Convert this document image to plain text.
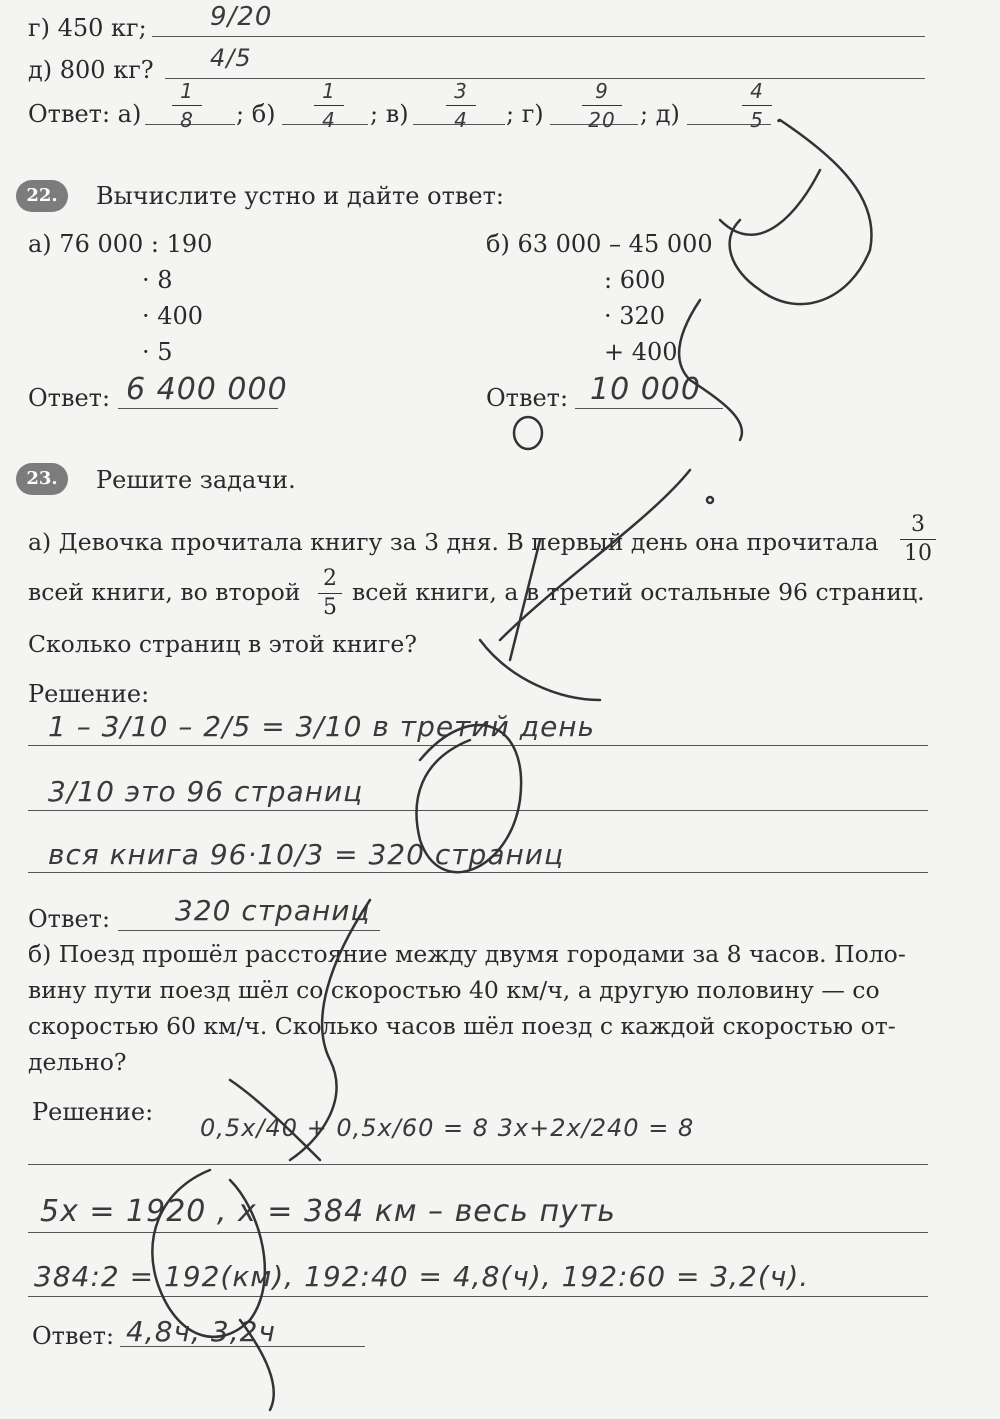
г) 450 кг; 9/20
д) 800 кг? 4/5
Ответ: а)
1
8	; б)
1
4	; в)
3
4	; г)
9
20 ; д)
4
5 .
22.	Вычислите устно и дайте ответ:
а) 76 000 : 190
· 8
· 400
· 5
б) 63 000 – 45 000
: 600
· 320
+ 400
Ответ: 6 400 000	Ответ: 10 000
23.	Решите задачи.
а) Девочка прочитала книгу за 3 дня. В первый день она прочитала
3
10
всей книги, во второй 2
5
всей книги, а в третий остальные 96 страниц.
Сколько страниц в этой книге?
Решение:
1 – 3/10 – 2/5 = 3/10 в третий день
3/10 это 96 страниц
вся книга 96·10/3 = 320 страниц
Ответ: 320 страниц
б) Поезд прошёл расстояние между двумя городами за 8 часов. Поло-
вину пути поезд шёл со скоростью 40 км/ч, а другую половину — со
скоростью 60 км/ч. Сколько часов шёл поезд с каждой скоростью от-
дельно?
Решение:
0,5x/40 + 0,5x/60 = 8 3x+2x/240 = 8
5x = 1920 , x = 384 км – весь путь
384:2 = 192(км), 192:40 = 4,8(ч), 192:60 = 3,2(ч).
Ответ: 4,8ч, 3,2ч
